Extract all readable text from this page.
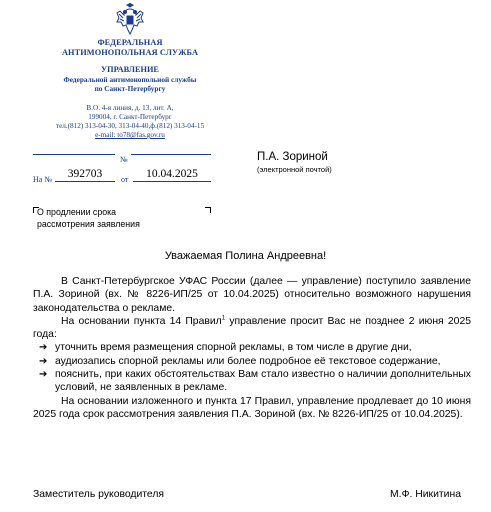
ФЕДЕРАЛЬНАЯ
АНТИМОНОПОЛЬНАЯ СЛУЖБА
УПРАВЛЕНИЕ
Федеральной антимонопольной службы
по Санкт-Петербургу
В.О. 4-я линия, д. 13, лит. А,
199004, г. Санкт-Петербург
тел.(812) 313-04-30, 313-04-40,ф.(812) 313-04-15
e-mail: to78@fas.gov.ru
№
На №	392703	от	10.04.2025
П.А. Зориной
(электронной почтой)
О продлении срока
рассмотрения заявления
Уважаемая Полина Андреевна!

В Санкт-Петербургское УФАС России (далее — управление) поступило заявление П.А. Зориной (вх. № 8226-ИП/25 от 10.04.2025) относительно возможного нарушения законодательства о рекламе.

На основании пункта 14 Правил$^1$ управление просит Вас не позднее 2 июня 2025 года:

➔ уточнить время размещения спорной рекламы, в том числе в другие дни,
➔ аудиозапись спорной рекламы или более подробное её текстовое содержание,
➔ пояснить, при каких обстоятельствах Вам стало известно о наличии дополнительных условий, не заявленных в рекламе.

На основании изложенного и пункта 17 Правил, управление продлевает до 10 июня 2025 года срок рассмотрения заявления П.А. Зориной (вх. № 8226-ИП/25 от 10.04.2025).

Заместитель руководителя	М.Ф. Никитина
